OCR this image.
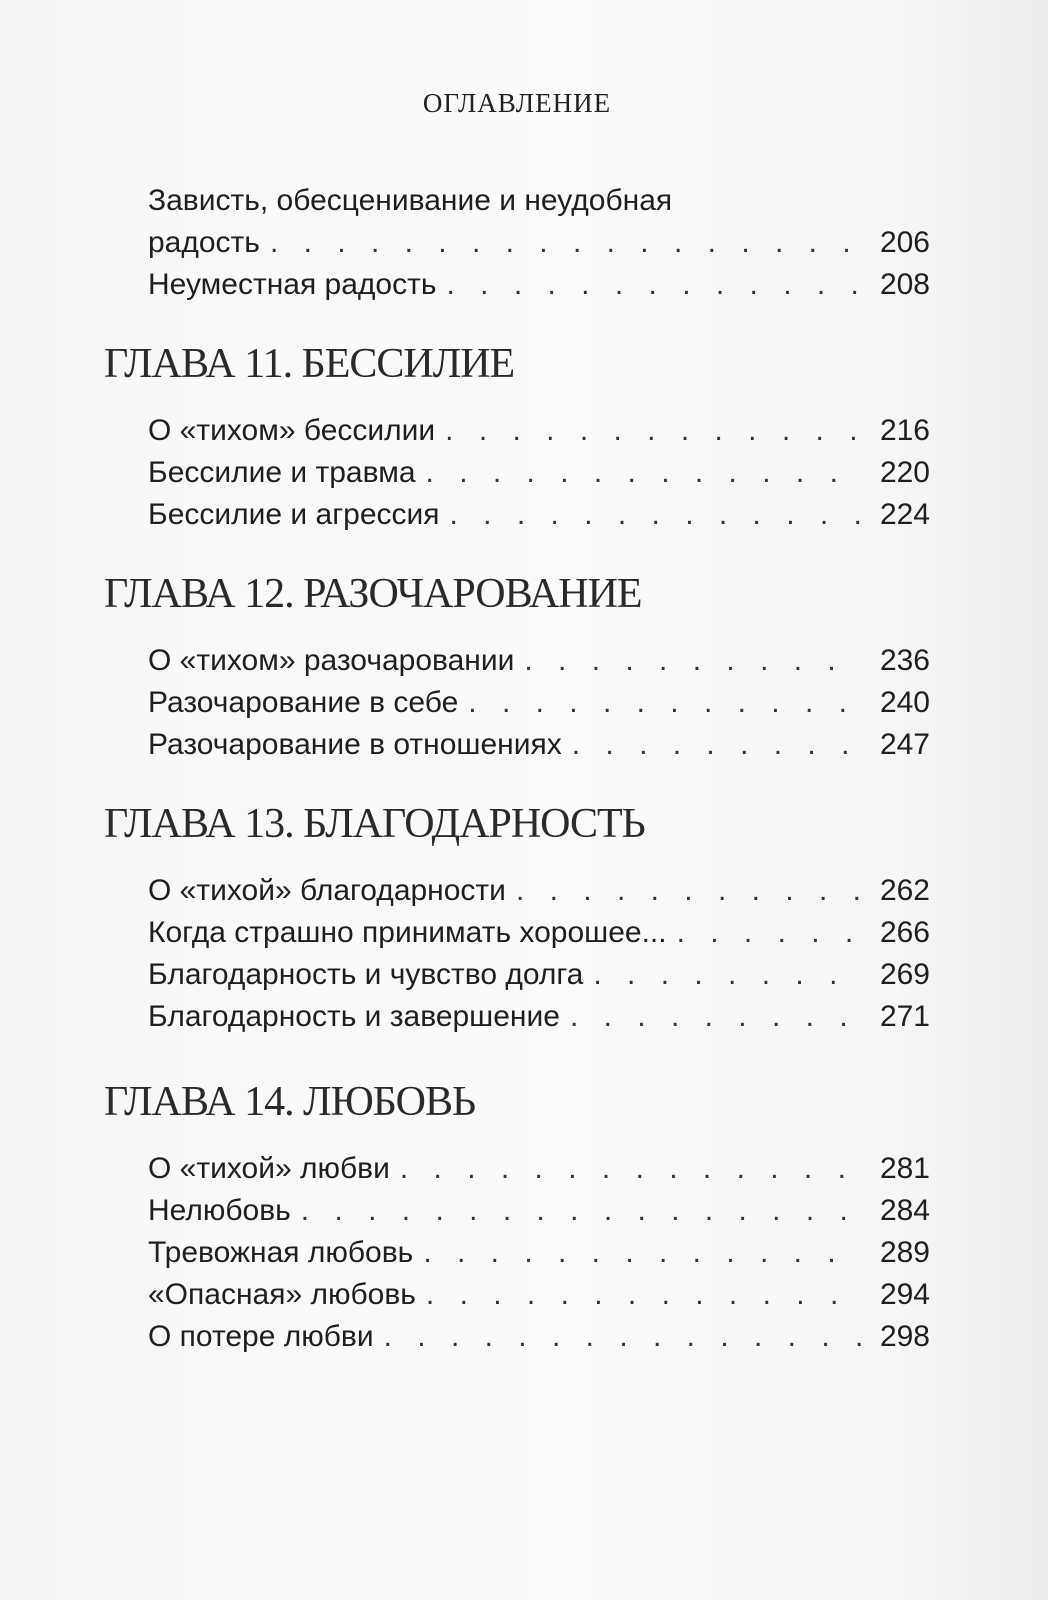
ОГЛАВЛЕНИЕ
Зависть, обесценивание и неудобная
радость . . .	206
Неуместная радость . . .	208
ГЛАВА 11. БЕССИЛИЕ
О «тихом» бессилии . . .	216
Бессилие и травма . . .	220
Бессилие и агрессия . . .	224
ГЛАВА 12. РАЗОЧАРОВАНИЕ
О «тихом» разочаровании . . .	236
Разочарование в себе . . .	240
Разочарование в отношениях . . .	247
ГЛАВА 13. БЛАГОДАРНОСТЬ
О «тихой» благодарности . . .	262
Когда страшно принимать хорошее... . . .	266
Благодарность и чувство долга . . .	269
Благодарность и завершение . . .	271
ГЛАВА 14. ЛЮБОВЬ
О «тихой» любви . . .	281
Нелюбовь . . .	284
Тревожная любовь . . .	289
«Опасная» любовь . . .	294
О потере любви . . .	298
